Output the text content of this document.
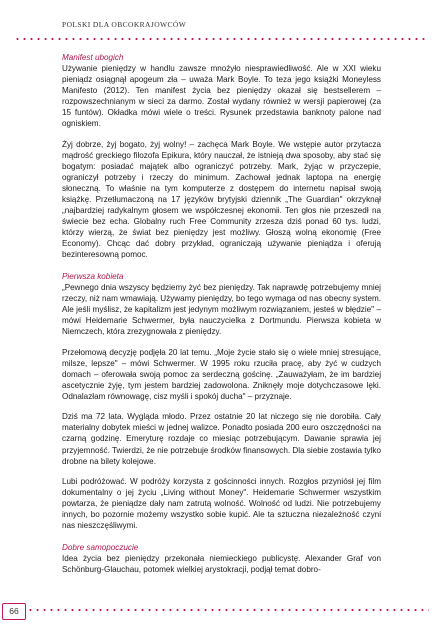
POLSKI DLA OBCOKRAJOWCÓW

Manifest ubogich

Używanie pieniędzy w handlu zawsze mnożyło niesprawiedliwość. Ale w XXI wieku pieniądz osiągnął apogeum zła – uważa Mark Boyle. To teza jego książki Moneyless Manifesto (2012). Ten manifest życia bez pieniędzy okazał się bestsellerem – rozpowszechnianym w sieci za darmo. Został wydany również w wersji papierowej (za 15 funtów). Okładka mówi wiele o treści. Rysunek przedstawia banknoty palone nad ogniskiem.

Żyj dobrze, żyj bogato, żyj wolny! – zachęca Mark Boyle. We wstępie autor przytacza mądrość greckiego filozofa Epikura, który nauczał, że istnieją dwa sposoby, aby stać się bogatym: posiadać majątek albo ograniczyć potrzeby. Mark, żyjąc w przyczepie, ograniczył potrzeby i rzeczy do minimum. Zachował jednak laptopa na energię słoneczną. To właśnie na tym komputerze z dostępem do internetu napisał swoją książkę. Przetłumaczoną na 17 języków brytyjski dziennik „The Guardian" okrzyknął „najbardziej radykalnym głosem we współczesnej ekonomii. Ten głos nie przeszedł na świecie bez echa. Globalny ruch Free Community zrzesza dziś ponad 60 tys. ludzi, którzy wierzą, że świat bez pieniędzy jest możliwy. Głoszą wolną ekonomię (Free Economy). Chcąc dać dobry przykład, ograniczają używanie pieniądza i oferują bezinteresowną pomoc.

Pierwsza kobieta

„Pewnego dnia wszyscy będziemy żyć bez pieniędzy. Tak naprawdę potrzebujemy mniej rzeczy, niż nam wmawiają. Używamy pieniędzy, bo tego wymaga od nas obecny system. Ale jeśli myślisz, że kapitalizm jest jedynym możliwym rozwiązaniem, jesteś w błędzie" – mówi Heidemarie Schwermer, była nauczycielka z Dortmundu. Pierwsza kobieta w Niemczech, która zrezygnowała z pieniędzy.

Przełomową decyzję podjęła 20 lat temu. „Moje życie stało się o wiele mniej stresujące, milsze, lepsze" – mówi Schwermer. W 1995 roku rzuciła pracę, aby żyć w cudzych domach – oferowała swoją pomoc za serdeczną gościnę. „Zauważyłam, że im bardziej ascetycznie żyję, tym jestem bardziej zadowolona. Zniknęły moje dotychczasowe lęki. Odnalazłam równowagę, cisz myśli i spokój ducha" – przyznaje.

Dziś ma 72 lata. Wygląda młodo. Przez ostatnie 20 lat niczego się nie dorobiła. Cały materialny dobytek mieści w jednej walizce. Ponadto posiada 200 euro oszczędności na czarną godzinę. Emeryturę rozdaje co miesiąc potrzebującym. Dawanie sprawia jej przyjemność. Twierdzi, że nie potrzebuje środków finansowych. Dla siebie zostawia tylko drobne na bilety kolejowe.

Lubi podróżować. W podróży korzysta z gościnności innych. Rozgłos przyniósł jej film dokumentalny o jej życiu „Living without Money". Heidemarie Schwermer wszystkim powtarza, że pieniądze dały nam zatrutą wolność. Wolność od ludzi. Nie potrzebujemy innych, bo pozornie możemy wszystko sobie kupić. Ale ta sztuczna niezależność czyni nas nieszczęśliwymi.

Dobre samopoczucie

Idea życia bez pieniędzy przekonała niemieckiego publicystę. Alexander Graf von Schönburg-Glauchau, potomek wielkiej arystokracji, podjął temat dobro-

66
